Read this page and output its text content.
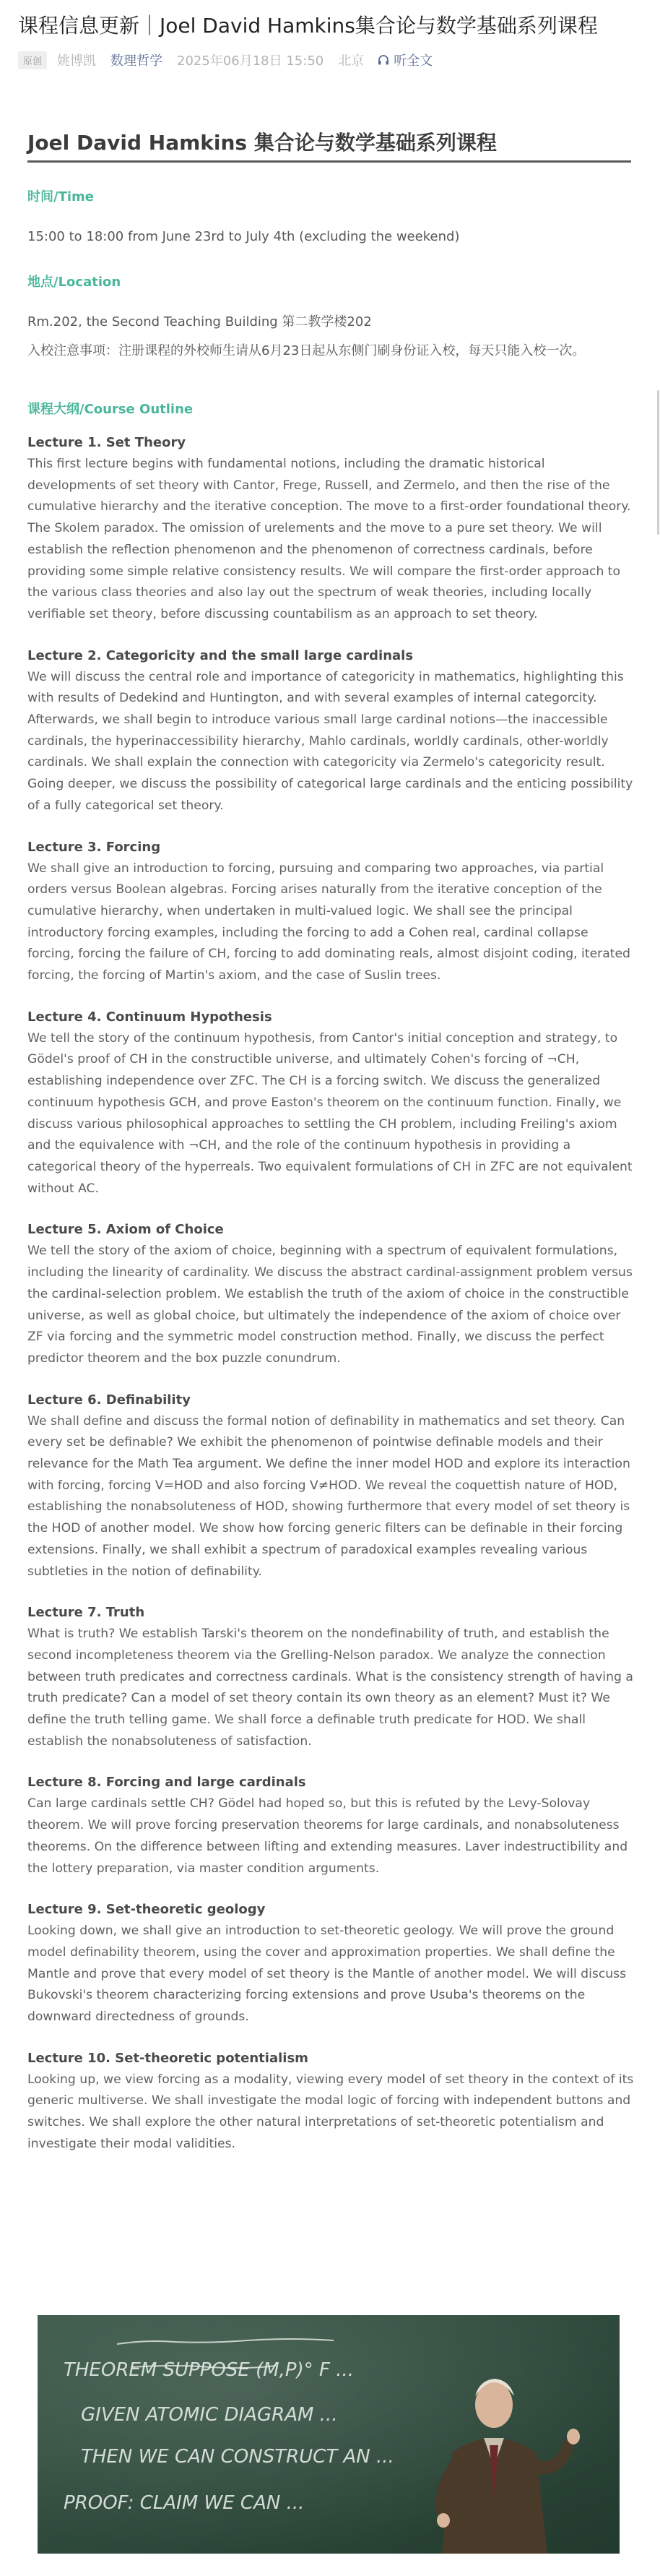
课程信息更新｜Joel David Hamkins集合论与数学基础系列课程
原创	姚博凯 数理哲学 2025年06月18日 15:50 北京 听全文
Joel David Hamkins 集合论与数学基础系列课程
时间/Time
15:00 to 18:00 from June 23rd to July 4th (excluding the weekend)
地点/Location
Rm.202, the Second Teaching Building 第二教学楼202
入校注意事项：注册课程的外校师生请从6月23日起从东侧门刷身份证入校，每天只能入校一次。
课程大纲/Course Outline
Lecture 1. Set Theory
This first lecture begins with fundamental notions, including the dramatic historical developments of set theory with Cantor, Frege, Russell, and Zermelo, and then the rise of the cumulative hierarchy and the iterative conception. The move to a first-order foundational theory. The Skolem paradox. The omission of urelements and the move to a pure set theory. We will establish the reflection phenomenon and the phenomenon of correctness cardinals, before providing some simple relative consistency results. We will compare the first-order approach to the various class theories and also lay out the spectrum of weak theories, including locally verifiable set theory, before discussing countabilism as an approach to set theory.
Lecture 2. Categoricity and the small large cardinals
We will discuss the central role and importance of categoricity in mathematics, highlighting this with results of Dedekind and Huntington, and with several examples of internal categorcity. Afterwards, we shall begin to introduce various small large cardinal notions—the inaccessible cardinals, the hyperinaccessibility hierarchy, Mahlo cardinals, worldly cardinals, other-worldly cardinals. We shall explain the connection with categoricity via Zermelo's categoricity result. Going deeper, we discuss the possibility of categorical large cardinals and the enticing possibility of a fully categorical set theory.
Lecture 3. Forcing
We shall give an introduction to forcing, pursuing and comparing two approaches, via partial orders versus Boolean algebras. Forcing arises naturally from the iterative conception of the cumulative hierarchy, when undertaken in multi-valued logic. We shall see the principal introductory forcing examples, including the forcing to add a Cohen real, cardinal collapse forcing, forcing the failure of CH, forcing to add dominating reals, almost disjoint coding, iterated forcing, the forcing of Martin's axiom, and the case of Suslin trees.
Lecture 4. Continuum Hypothesis
We tell the story of the continuum hypothesis, from Cantor's initial conception and strategy, to Gödel's proof of CH in the constructible universe, and ultimately Cohen's forcing of ¬CH, establishing independence over ZFC. The CH is a forcing switch. We discuss the generalized continuum hypothesis GCH, and prove Easton's theorem on the continuum function. Finally, we discuss various philosophical approaches to settling the CH problem, including Freiling's axiom and the equivalence with ¬CH, and the role of the continuum hypothesis in providing a categorical theory of the hyperreals. Two equivalent formulations of CH in ZFC are not equivalent without AC.
Lecture 5. Axiom of Choice
We tell the story of the axiom of choice, beginning with a spectrum of equivalent formulations, including the linearity of cardinality. We discuss the abstract cardinal-assignment problem versus the cardinal-selection problem. We establish the truth of the axiom of choice in the constructible universe, as well as global choice, but ultimately the independence of the axiom of choice over ZF via forcing and the symmetric model construction method. Finally, we discuss the perfect predictor theorem and the box puzzle conundrum.
Lecture 6. Definability
We shall define and discuss the formal notion of definability in mathematics and set theory. Can every set be definable? We exhibit the phenomenon of pointwise definable models and their relevance for the Math Tea argument. We define the inner model HOD and explore its interaction with forcing, forcing V=HOD and also forcing V≠HOD. We reveal the coquettish nature of HOD, establishing the nonabsoluteness of HOD, showing furthermore that every model of set theory is the HOD of another model. We show how forcing generic filters can be definable in their forcing extensions. Finally, we shall exhibit a spectrum of paradoxical examples revealing various subtleties in the notion of definability.
Lecture 7. Truth
What is truth? We establish Tarski's theorem on the nondefinability of truth, and establish the second incompleteness theorem via the Grelling-Nelson paradox. We analyze the connection between truth predicates and correctness cardinals. What is the consistency strength of having a truth predicate? Can a model of set theory contain its own theory as an element? Must it? We define the truth telling game. We shall force a definable truth predicate for HOD. We shall establish the nonabsoluteness of satisfaction.
Lecture 8. Forcing and large cardinals
Can large cardinals settle CH? Gödel had hoped so, but this is refuted by the Levy-Solovay theorem. We will prove forcing preservation theorems for large cardinals, and nonabsoluteness theorems. On the difference between lifting and extending measures. Laver indestructibility and the lottery preparation, via master condition arguments.
Lecture 9. Set-theoretic geology
Looking down, we shall give an introduction to set-theoretic geology. We will prove the ground model definability theorem, using the cover and approximation properties. We shall define the Mantle and prove that every model of set theory is the Mantle of another model. We will discuss Bukovski's theorem characterizing forcing extensions and prove Usuba's theorems on the downward directedness of grounds.
Lecture 10. Set-theoretic potentialism
Looking up, we view forcing as a modality, viewing every model of set theory in the context of its generic multiverse. We shall investigate the modal logic of forcing with independent buttons and switches. We shall explore the other natural interpretations of set-theoretic potentialism and investigate their modal validities.
THEOREM SUPPOSE (M,P)° F ...
GIVEN ATOMIC DIAGRAM ...
THEN WE CAN CONSTRUCT AN ...
PROOF: CLAIM WE CAN ...
